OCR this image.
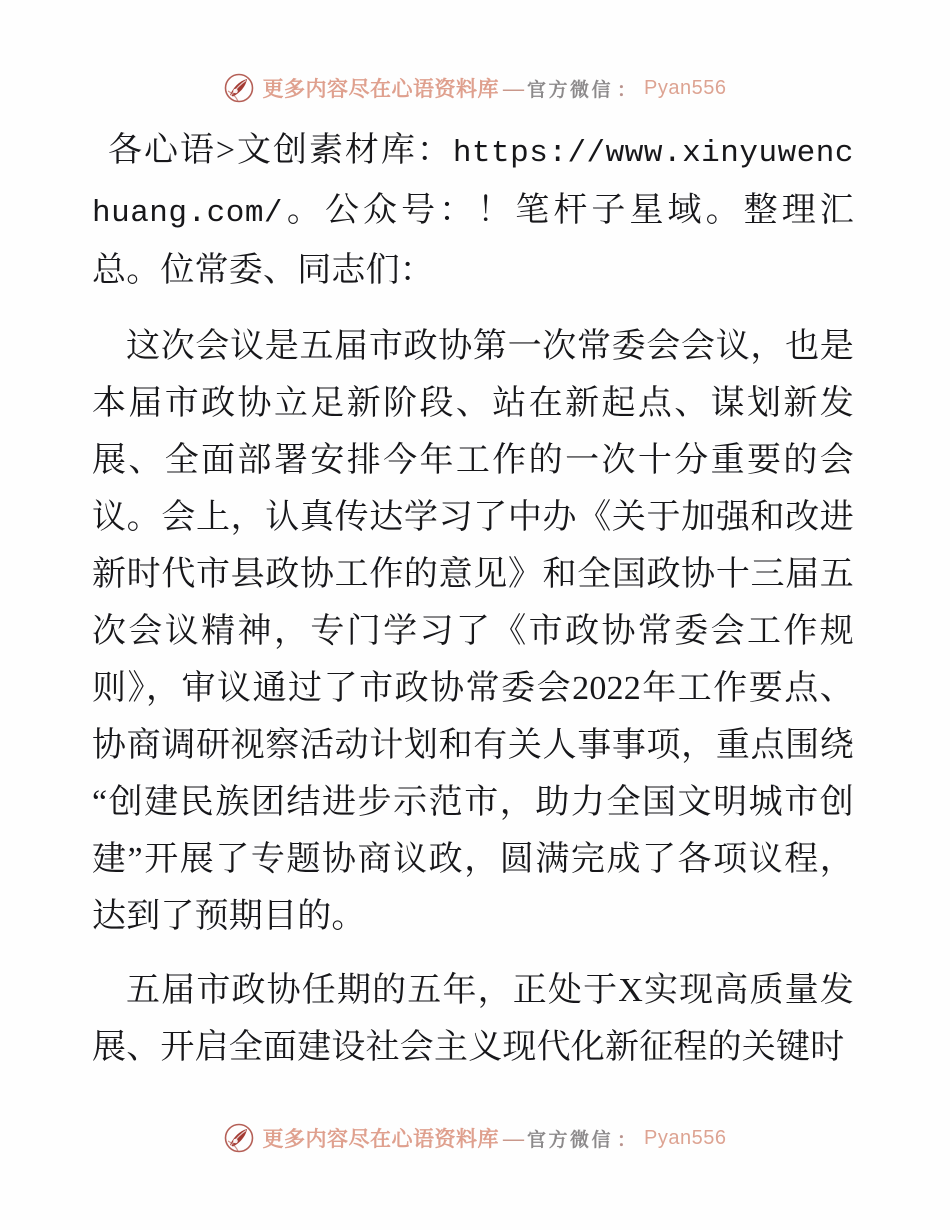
更多内容尽在心语资料库 — 官方微信 ： Pyan556

各心语>文创素材库：https://www.xinyuwenchuang.com/。公众号：！笔杆子星域。整理汇总。位常委、同志们：

这次会议是五届市政协第一次常委会会议，也是本届市政协立足新阶段、站在新起点、谋划新发展、全面部署安排今年工作的一次十分重要的会议。会上，认真传达学习了中办《关于加强和改进新时代市县政协工作的意见》和全国政协十三届五次会议精神，专门学习了《市政协常委会工作规则》，审议通过了市政协常委会2022年工作要点、协商调研视察活动计划和有关人事事项，重点围绕“创建民族团结进步示范市，助力全国文明城市创建”开展了专题协商议政，圆满完成了各项议程，达到了预期目的。

五届市政协任期的五年，正处于X实现高质量发展、开启全面建设社会主义现代化新征程的关键时

更多内容尽在心语资料库 — 官方微信 ： Pyan556
